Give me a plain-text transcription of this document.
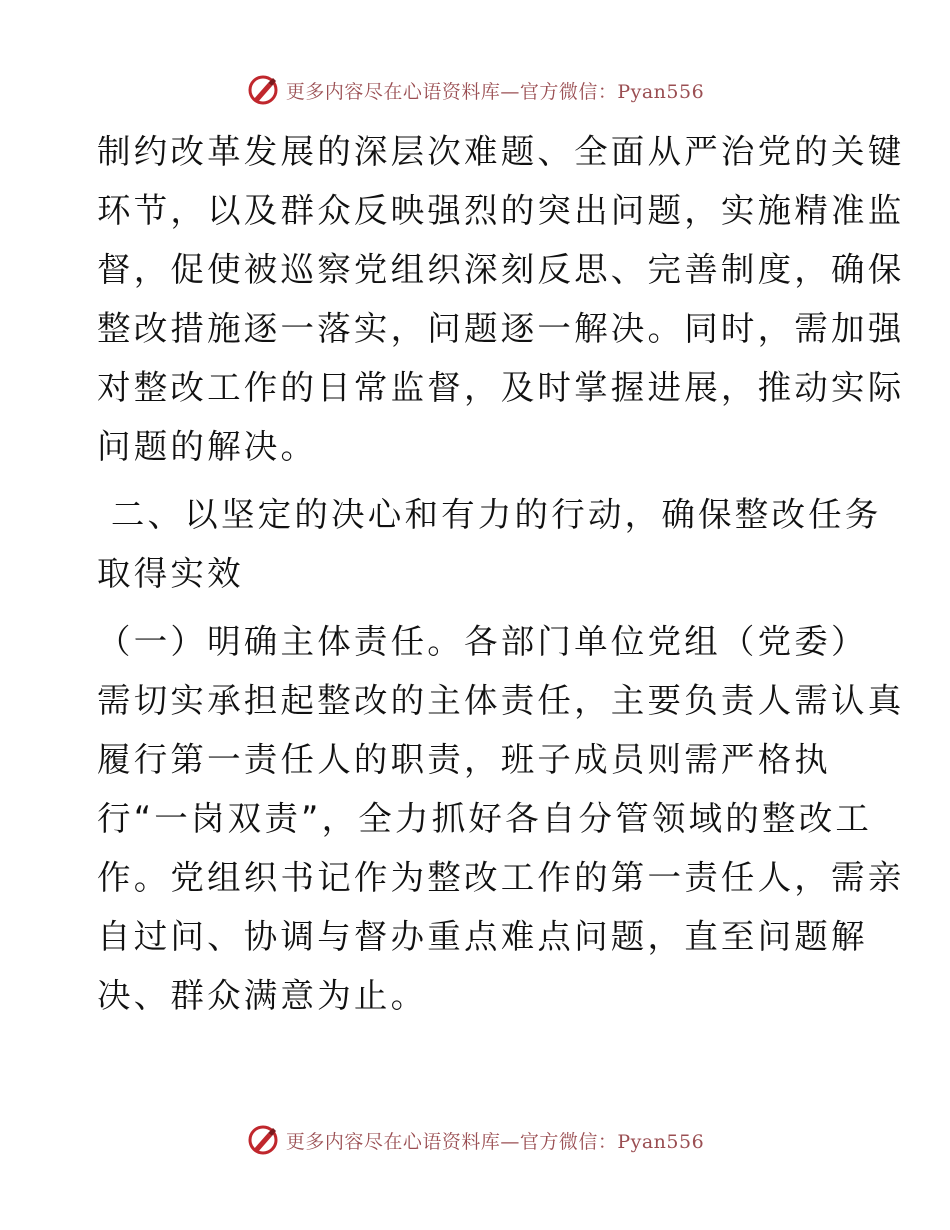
更多内容尽在心语资料库—官方微信：Pyan556

制约改革发展的深层次难题、全面从严治党的关键
环节，以及群众反映强烈的突出问题，实施精准监
督，促使被巡察党组织深刻反思、完善制度，确保
整改措施逐一落实，问题逐一解决。同时，需加强
对整改工作的日常监督，及时掌握进展，推动实际
问题的解决。

二、以坚定的决心和有力的行动，确保整改任务
取得实效

（一）明确主体责任。各部门单位党组（党委）
需切实承担起整改的主体责任，主要负责人需认真
履行第一责任人的职责，班子成员则需严格执
行“一岗双责”，全力抓好各自分管领域的整改工
作。党组织书记作为整改工作的第一责任人，需亲
自过问、协调与督办重点难点问题，直至问题解
决、群众满意为止。

更多内容尽在心语资料库—官方微信：Pyan556
